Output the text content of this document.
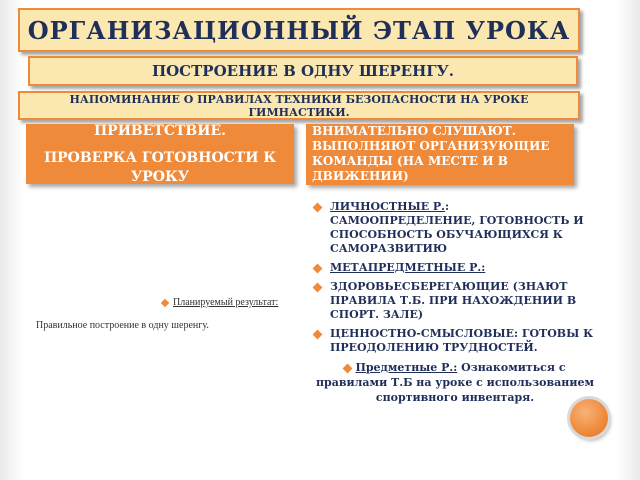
ОРГАНИЗАЦИОННЫЙ ЭТАП УРОКА
ПОСТРОЕНИЕ В ОДНУ ШЕРЕНГУ.
НАПОМИНАНИЕ О ПРАВИЛАХ ТЕХНИКИ БЕЗОПАСНОСТИ НА УРОКЕ ГИМНАСТИКИ.
ПРИВЕТСТВИЕ.
ПРОВЕРКА ГОТОВНОСТИ К УРОКУ
ВНИМАТЕЛЬНО СЛУШАЮТ. ВЫПОЛНЯЮТ ОРГАНИЗУЮЩИЕ КОМАНДЫ (НА МЕСТЕ И В ДВИЖЕНИИ)
Планируемый результат:
Правильное построение в одну шеренгу.
ЛИЧНОСТНЫЕ Р.: САМООПРЕДЕЛЕНИЕ, ГОТОВНОСТЬ И СПОСОБНОСТЬ ОБУЧАЮЩИХСЯ К САМОРАЗВИТИЮ
МЕТАПРЕДМЕТНЫЕ Р.:
ЗДОРОВЬЕСБЕРЕГАЮЩИЕ (ЗНАЮТ ПРАВИЛА Т.Б. ПРИ НАХОЖДЕНИИ В СПОРТ. ЗАЛЕ)
ЦЕННОСТНО-СМЫСЛОВЫЕ: ГОТОВЫ К ПРЕОДОЛЕНИЮ ТРУДНОСТЕЙ.
Предметные Р.: Ознакомиться с правилами Т.Б на уроке с использованием спортивного инвентаря.
